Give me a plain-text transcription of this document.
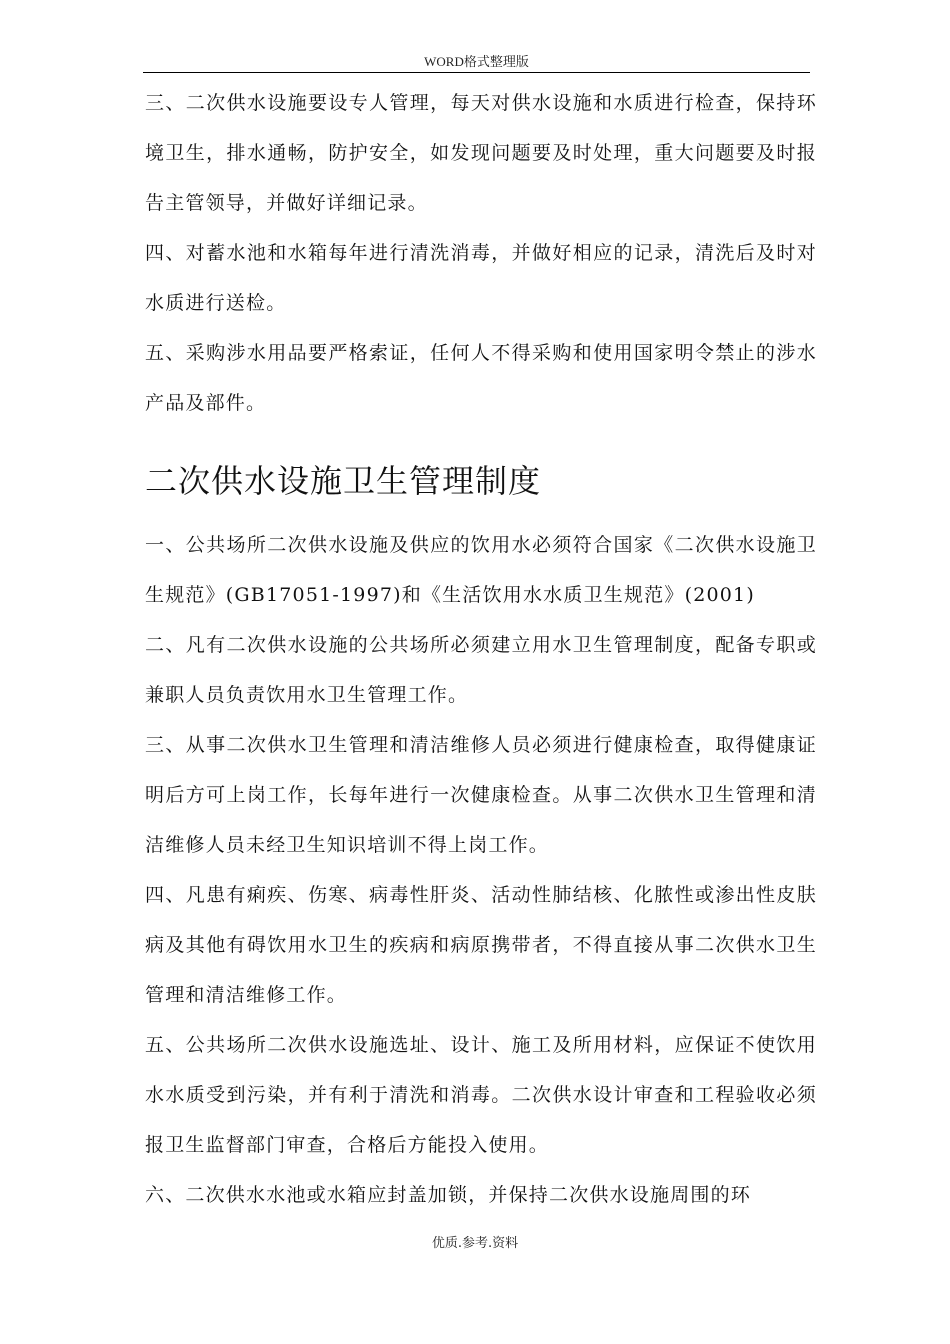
WORD格式整理版

三、二次供水设施要设专人管理，每天对供水设施和水质进行检查，保持环境卫生，排水通畅，防护安全，如发现问题要及时处理，重大问题要及时报告主管领导，并做好详细记录。

四、对蓄水池和水箱每年进行清洗消毒，并做好相应的记录，清洗后及时对水质进行送检。

五、采购涉水用品要严格索证，任何人不得采购和使用国家明令禁止的涉水产品及部件。

二次供水设施卫生管理制度

一、公共场所二次供水设施及供应的饮用水必须符合国家《二次供水设施卫生规范》(GB17051-1997)和《生活饮用水水质卫生规范》(2001)

二、凡有二次供水设施的公共场所必须建立用水卫生管理制度，配备专职或兼职人员负责饮用水卫生管理工作。

三、从事二次供水卫生管理和清洁维修人员必须进行健康检查，取得健康证明后方可上岗工作，长每年进行一次健康检查。从事二次供水卫生管理和清洁维修人员未经卫生知识培训不得上岗工作。

四、凡患有痢疾、伤寒、病毒性肝炎、活动性肺结核、化脓性或渗出性皮肤病及其他有碍饮用水卫生的疾病和病原携带者，不得直接从事二次供水卫生管理和清洁维修工作。

五、公共场所二次供水设施选址、设计、施工及所用材料，应保证不使饮用水水质受到污染，并有利于清洗和消毒。二次供水设计审查和工程验收必须报卫生监督部门审查，合格后方能投入使用。

六、二次供水水池或水箱应封盖加锁，并保持二次供水设施周围的环

优质.参考.资料
